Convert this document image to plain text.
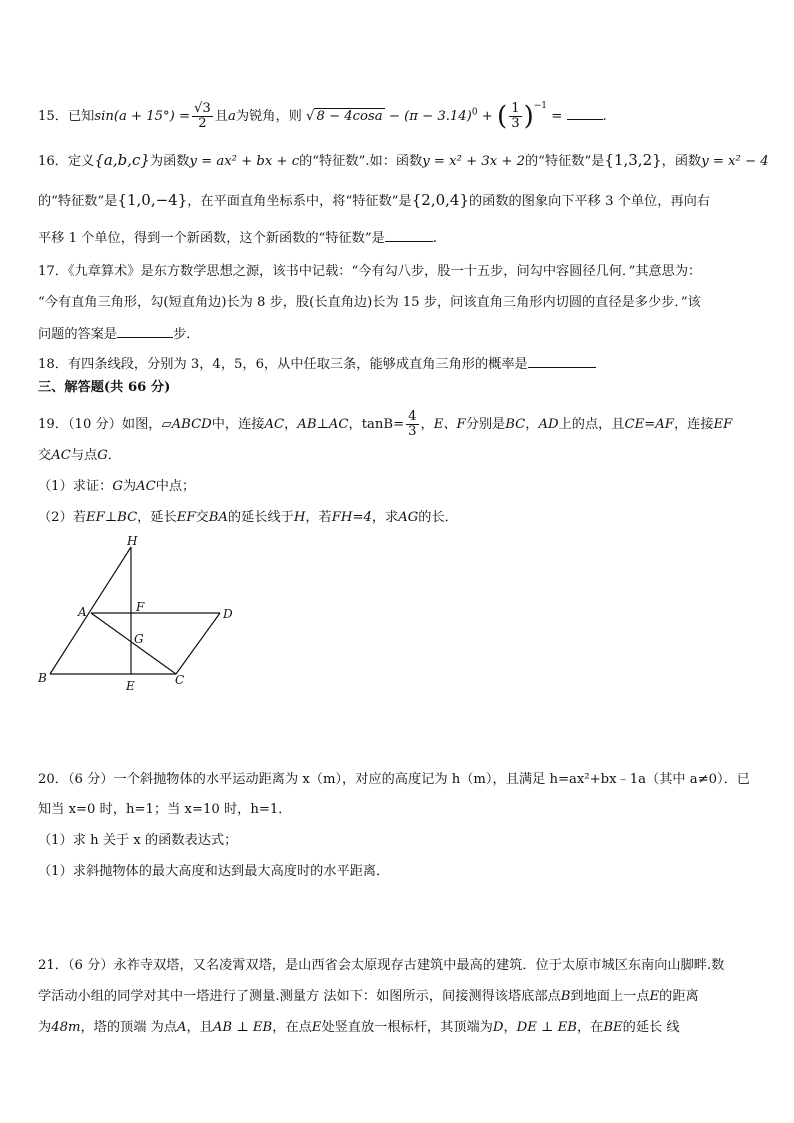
15．已知$\sin(a + 15^\circ) = \frac{√3}{2}$ 且a为锐角，则 √ $8 - 4\cos a - (\pi - 3.14)^0$ + ( $\frac{1}{3} )^{-1}$ =	.
16．定义{a,b,c}为函数y = ax² + bx + c的“特征数”.如：函数y = x² + 3x + 2的“特征数”是{1,3,2}，函数y = x² − 4
的“特征数”是{1,0,−4}，在平面直角坐标系中，将“特征数”是{2,0,4}的函数的图象向下平移 3 个单位，再向右
平移 1 个单位，得到一个新函数，这个新函数的“特征数”是	.
17．《九章算术》是东方数学思想之源，该书中记载：“今有勾八步，股一十五步，问勾中容圆径几何．”其意思为：
“今有直角三角形，勾(短直角边)长为 8 步，股(长直角边)长为 15 步，问该直角三角形内切圆的直径是多少步．”该
问题的答案是	步．
18．有四条线段，分别为 3，4，5，6，从中任取三条，能够成直角三角形的概率是
三、解答题(共 66 分)
19．（10 分）如图，▱ABCD中，连接AC，AB⊥AC，$\tan B= \frac{4}{3}$ ，E、F分别是BC，AD上的点，且CE=AF，连接EF
交AC与点G．
（1）求证：G为AC中点；
（2）若EF⊥BC，延长EF交BA的延长线于H，若FH=4，求AG的长．
H
A	F	D
G
B
E	C
20．（6 分）一个斜抛物体的水平运动距离为 x（m），对应的高度记为 h（m），且满足 h=ax²+bx﹣1a（其中 a≠0）．已
知当 x=0 时，h=1；当 x=10 时，h=1．
（1）求 h 关于 x 的函数表达式；
（1）求斜抛物体的最大高度和达到最大高度时的水平距离．
21．（6 分）永祚寺双塔，又名凌霄双塔，是山西省会太原现存古建筑中最高的建筑．位于太原市城区东南向山脚畔.数
学活动小组的同学对其中一塔进行了测量.测量方 法如下：如图所示，间接测得该塔底部点B到地面上一点E的距离
为48m，塔的顶端 为点A，且AB ⊥ EB，在点E处竖直放一根标杆，其顶端为D，DE ⊥ EB，在BE的延长 线
